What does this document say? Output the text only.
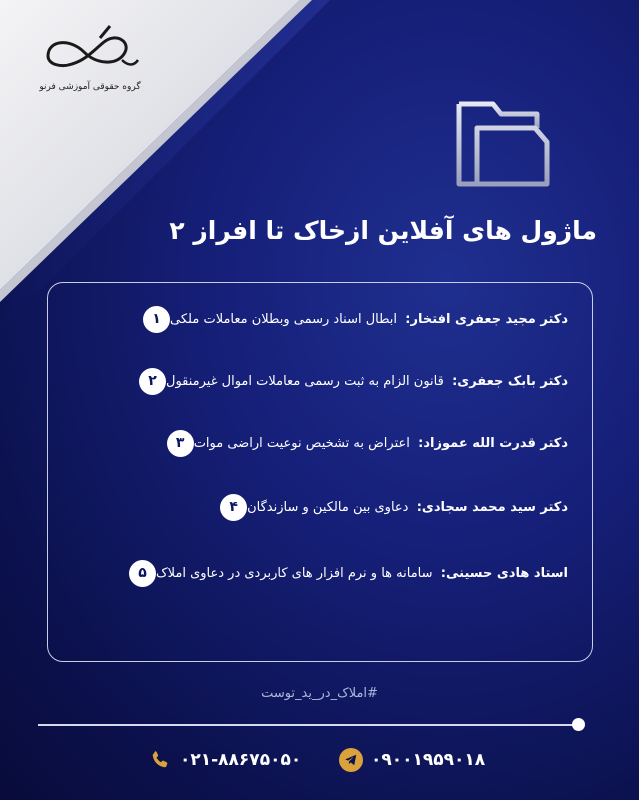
گروه حقوقی آموزشی فرنو
ماژول های آفلاین ازخاک تا افراز ۲
۱	دکتر مجید جعفری افتخار:  ابطال اسناد رسمی وبطلان معاملات ملکی
۲	دکتر بابک جعفری:  قانون الزام به ثبت رسمی معاملات اموال غیرمنقول
۳	دکتر قدرت الله عموزاد:  اعتراض به تشخیص نوعیت اراضی موات
۴	دکتر سید محمد سجادی:  دعاوی بین مالکین و سازندگان
۵	استاد هادی حسینی:  سامانه ها و نرم افزار های کاربردی در دعاوی املاک
#املاک_در_ید_توست
۰۲۱-۸۸۶۷۵۰۵۰	۰۹۰۰۱۹۵۹۰۱۸
